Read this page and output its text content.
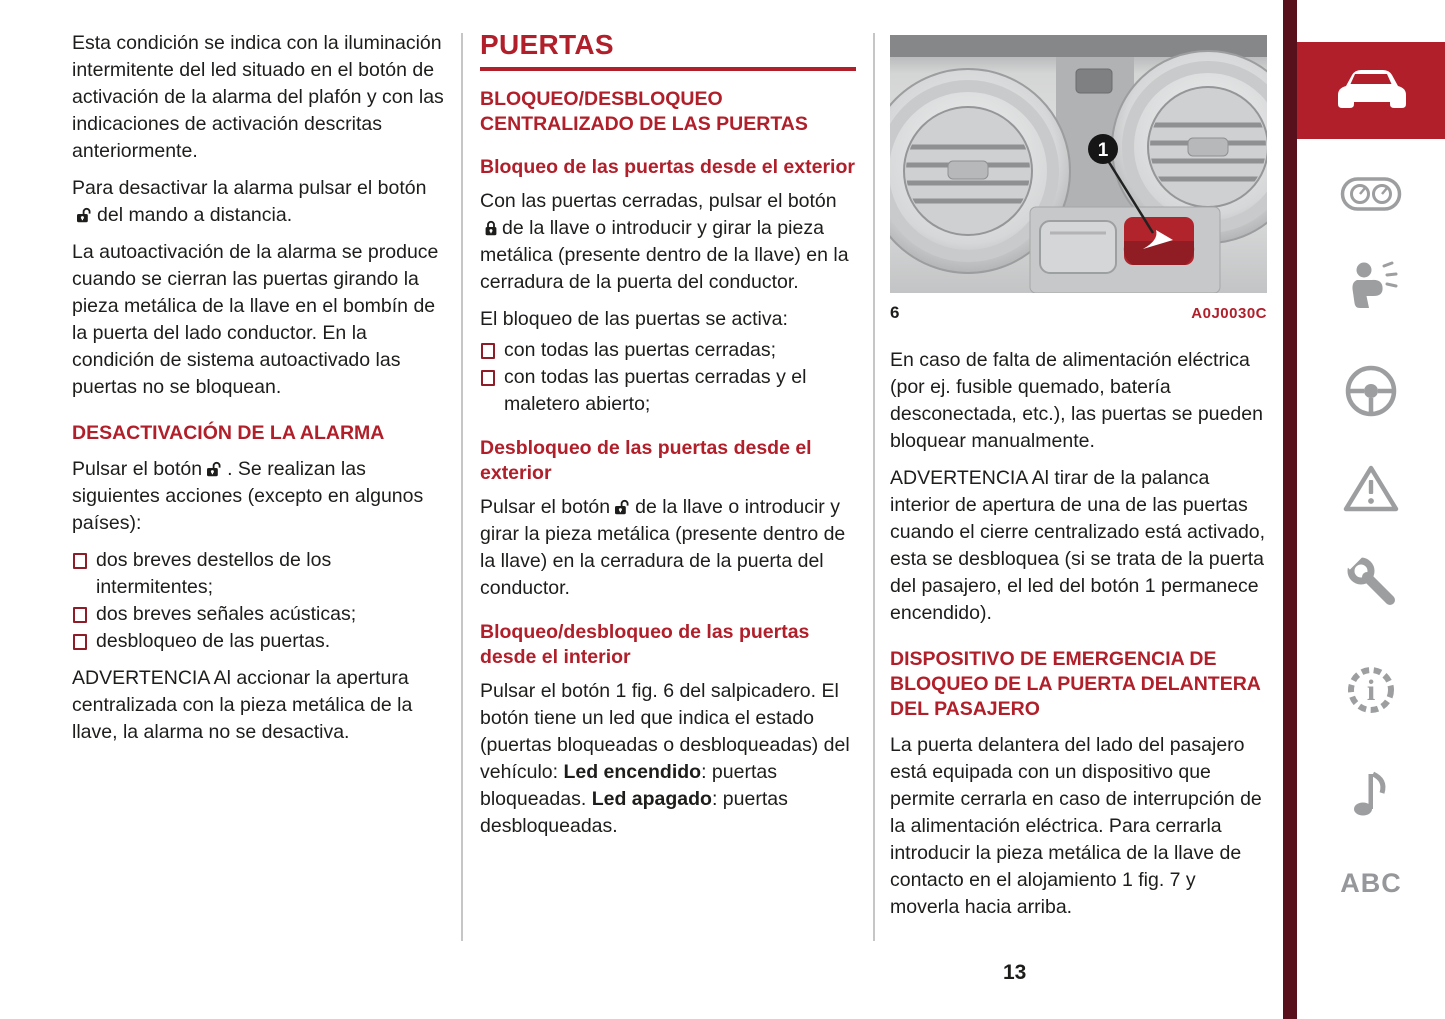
Esta condición se indica con la iluminación intermitente del led situado en el botón de activación de la alarma del plafón y con las indicaciones de activación descritas anteriormente.

Para desactivar la alarma pulsar el botóndel mando a distancia.

La autoactivación de la alarma se produce cuando se cierran las puertas girando la pieza metálica de la llave en el bombín de la puerta del lado conductor. En la condición de sistema autoactivado las puertas no se bloquean.

DESACTIVACIÓN DE LA ALARMA

Pulsar el botón . Se realizan las siguientes acciones (excepto en algunos países):

dos breves destellos de los intermitentes;
dos breves señales acústicas;
desbloqueo de las puertas.

ADVERTENCIA Al accionar la apertura centralizada con la pieza metálica de la llave, la alarma no se desactiva.

PUERTAS
BLOQUEO/DESBLOQUEO CENTRALIZADO DE LAS PUERTAS
Bloqueo de las puertas desde el exterior

Con las puertas cerradas, pulsar el botónde la llave o introducir y girar la pieza metálica (presente dentro de la llave) en la cerradura de la puerta del conductor.

El bloqueo de las puertas se activa:

con todas las puertas cerradas;
con todas las puertas cerradas y el maletero abierto;
Desbloqueo de las puertas desde el exterior

Pulsar el botón de la llave o introducir y girar la pieza metálica (presente dentro de la llave) en la cerradura de la puerta del conductor.

Bloqueo/desbloqueo de las puertas desde el interior

Pulsar el botón 1 fig. 6 del salpicadero. El botón tiene un led que indica el estado (puertas bloqueadas o desbloqueadas) del vehículo: Led encendido: puertas bloqueadas. Led apagado: puertas desbloqueadas.

1
6	A0J0030C

En caso de falta de alimentación eléctrica (por ej. fusible quemado, batería desconectada, etc.), las puertas se pueden bloquear manualmente.

ADVERTENCIA Al tirar de la palanca interior de apertura de una de las puertas cuando el cierre centralizado está activado, esta se desbloquea (si se trata de la puerta del pasajero, el led del botón 1 permanece encendido).

DISPOSITIVO DE EMERGENCIA DE BLOQUEO DE LA PUERTA DELANTERA DEL PASAJERO

La puerta delantera del lado del pasajero está equipada con un dispositivo que permite cerrarla en caso de interrupción de la alimentación eléctrica. Para cerrarla introducir la pieza metálica de la llave de contacto en el alojamiento 1 fig. 7 y moverla hacia arriba.

i
ABC
13
